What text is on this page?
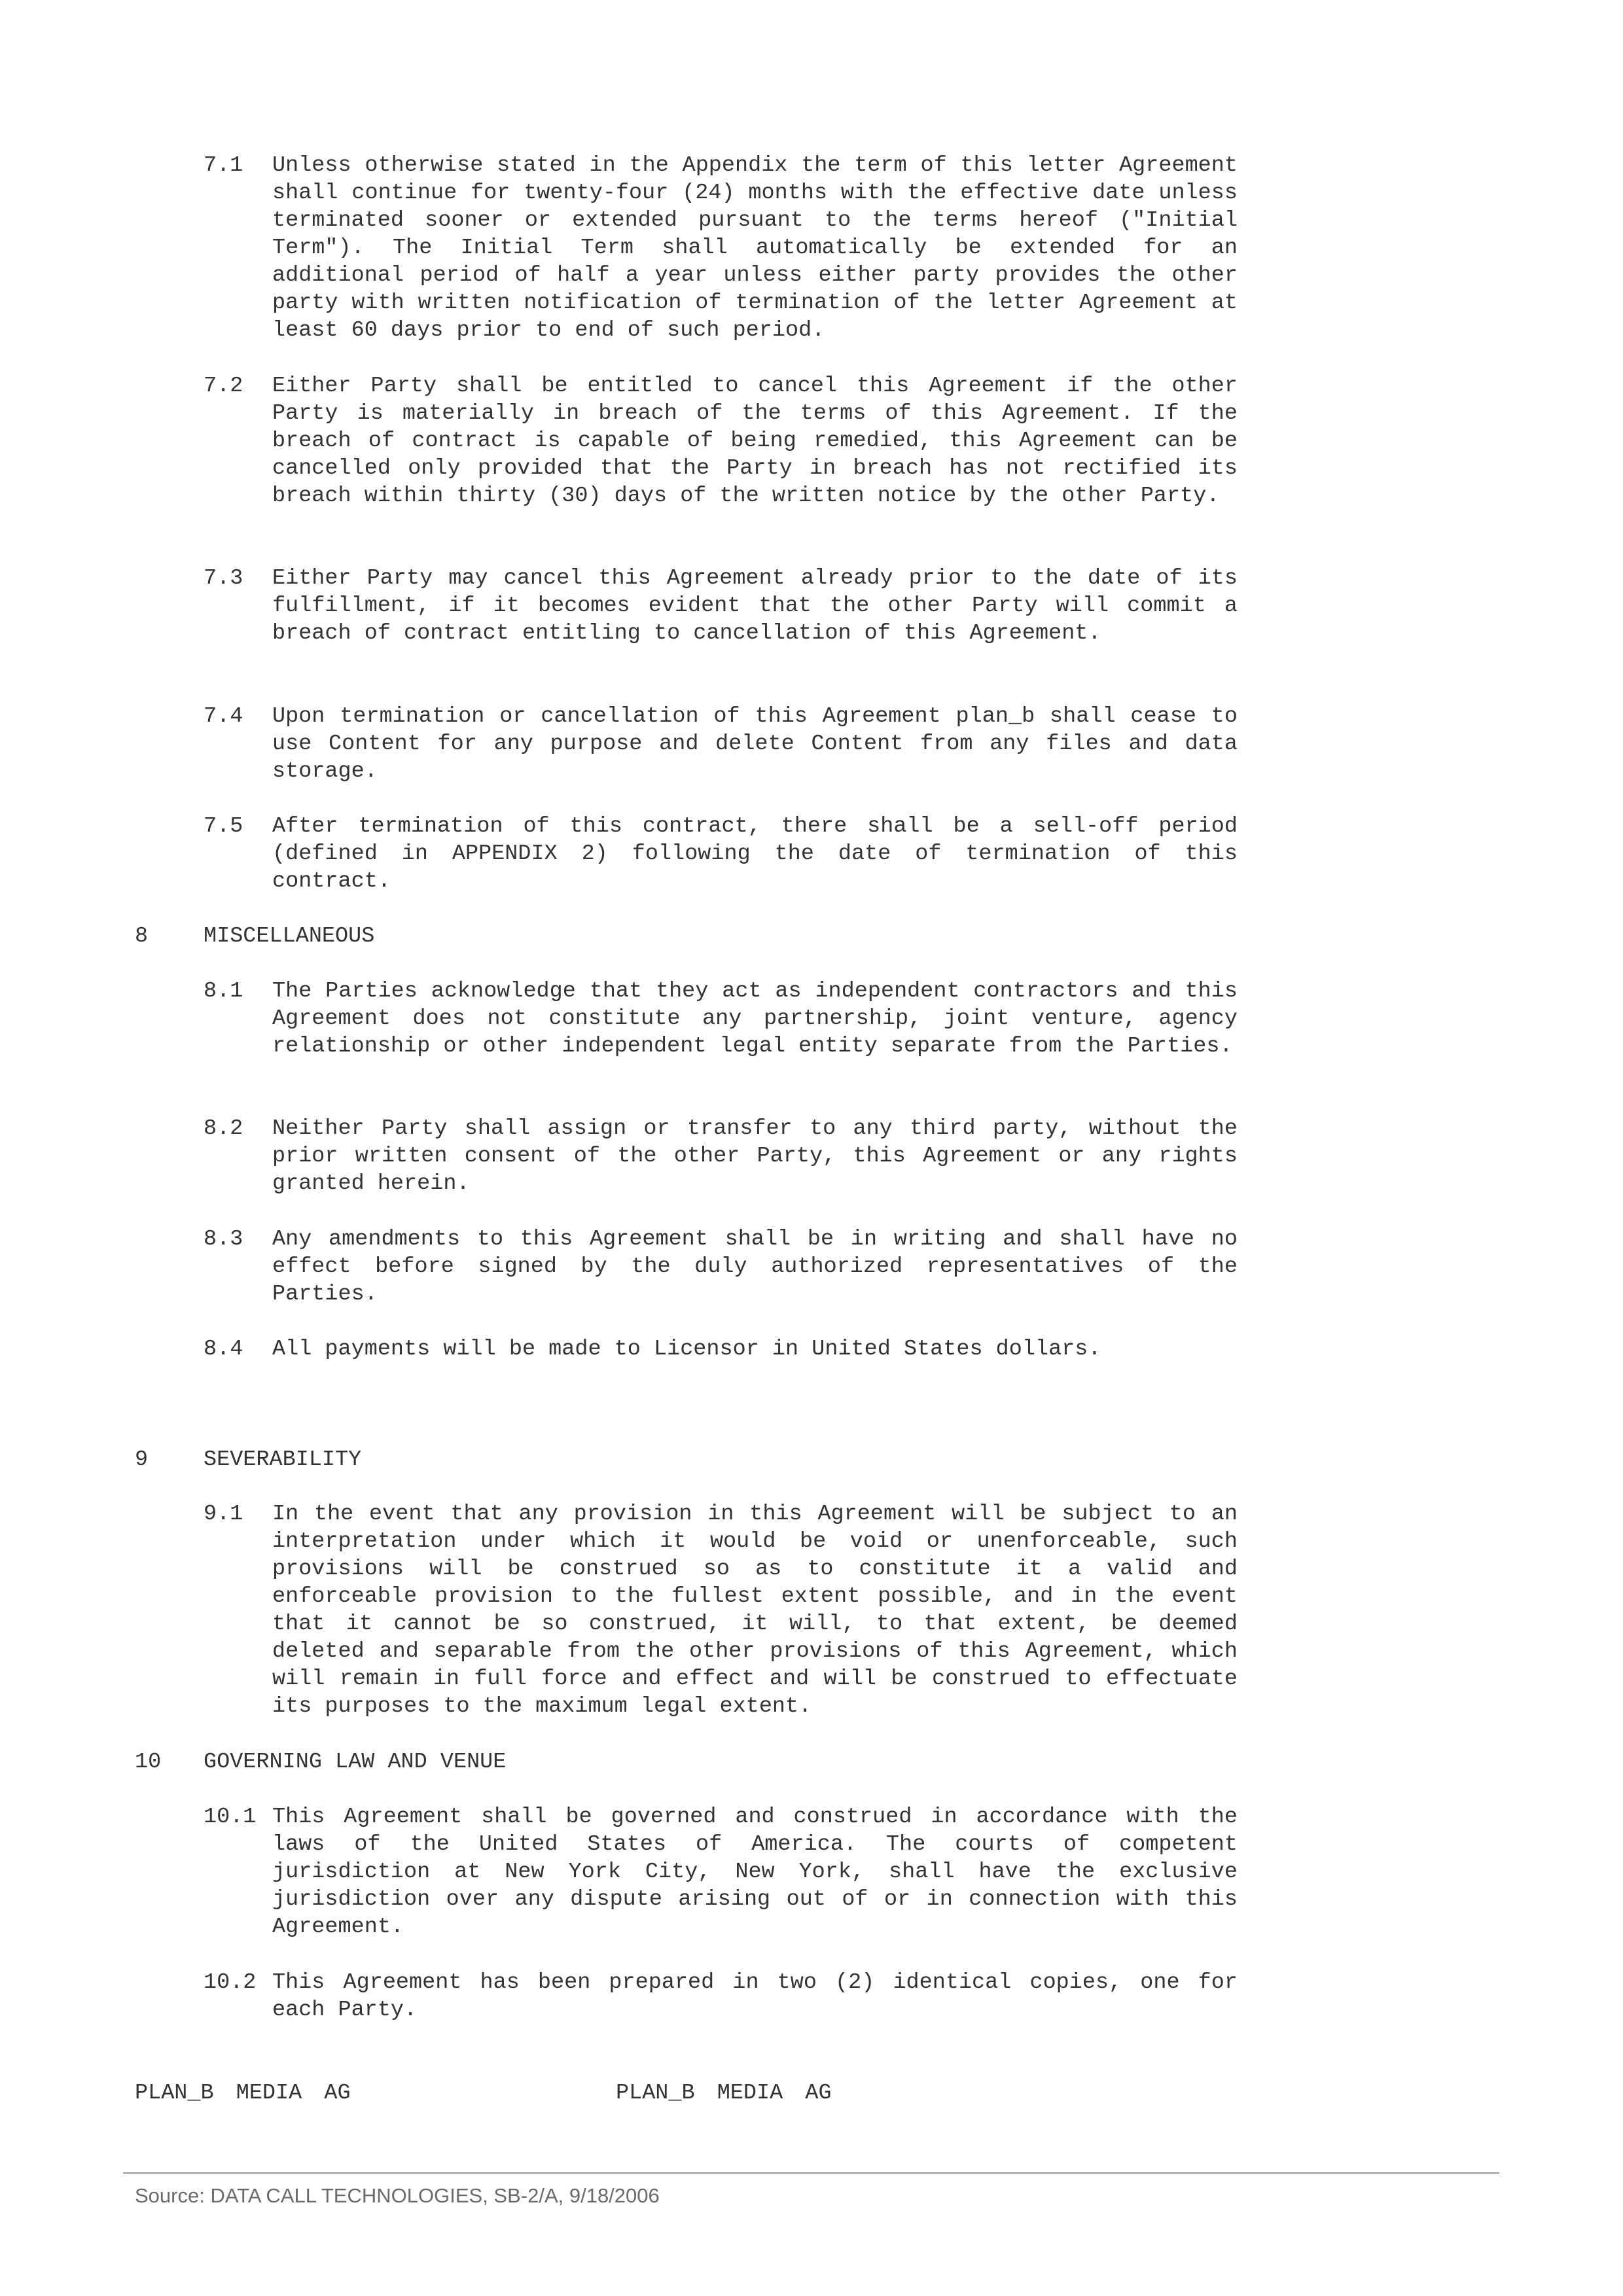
7.1 Unless otherwise stated in the Appendix the term of this letter Agreement shall continue for twenty-four (24) months with the effective date unless terminated sooner or extended pursuant to the terms hereof ("Initial Term"). The Initial Term shall automatically be extended for an additional period of half a year unless either party provides the other party with written notification of termination of the letter Agreement at least 60 days prior to end of such period.
7.2 Either Party shall be entitled to cancel this Agreement if the other Party is materially in breach of the terms of this Agreement. If the breach of contract is capable of being remedied, this Agreement can be cancelled only provided that the Party in breach has not rectified its breach within thirty (30) days of the written notice by the other Party.
7.3 Either Party may cancel this Agreement already prior to the date of its fulfillment, if it becomes evident that the other Party will commit a breach of contract entitling to cancellation of this Agreement.
7.4 Upon termination or cancellation of this Agreement plan_b shall cease to use Content for any purpose and delete Content from any files and data storage.
7.5 After termination of this contract, there shall be a sell-off period (defined in APPENDIX 2) following the date of termination of this contract.
8	MISCELLANEOUS
8.1 The Parties acknowledge that they act as independent contractors and this Agreement does not constitute any partnership, joint venture, agency relationship or other independent legal entity separate from the Parties.
8.2 Neither Party shall assign or transfer to any third party, without the prior written consent of the other Party, this Agreement or any rights granted herein.
8.3 Any amendments to this Agreement shall be in writing and shall have no effect before signed by the duly authorized representatives of the Parties.
8.4 All payments will be made to Licensor in United States dollars.
9	SEVERABILITY
9.1 In the event that any provision in this Agreement will be subject to an interpretation under which it would be void or unenforceable, such provisions will be construed so as to constitute it a valid and enforceable provision to the fullest extent possible, and in the event that it cannot be so construed, it will, to that extent, be deemed deleted and separable from the other provisions of this Agreement, which will remain in full force and effect and will be construed to effectuate its purposes to the maximum legal extent.
10 GOVERNING LAW AND VENUE
10.1 This Agreement shall be governed and construed in accordance with the laws of the United States of America. The courts of competent jurisdiction at New York City, New York, shall have the exclusive jurisdiction over any dispute arising out of or in connection with this Agreement.
10.2 This Agreement has been prepared in two (2) identical copies, one for each Party.
PLAN_B MEDIA AG	PLAN_B MEDIA AG
Source: DATA CALL TECHNOLOGIES, SB-2/A, 9/18/2006
